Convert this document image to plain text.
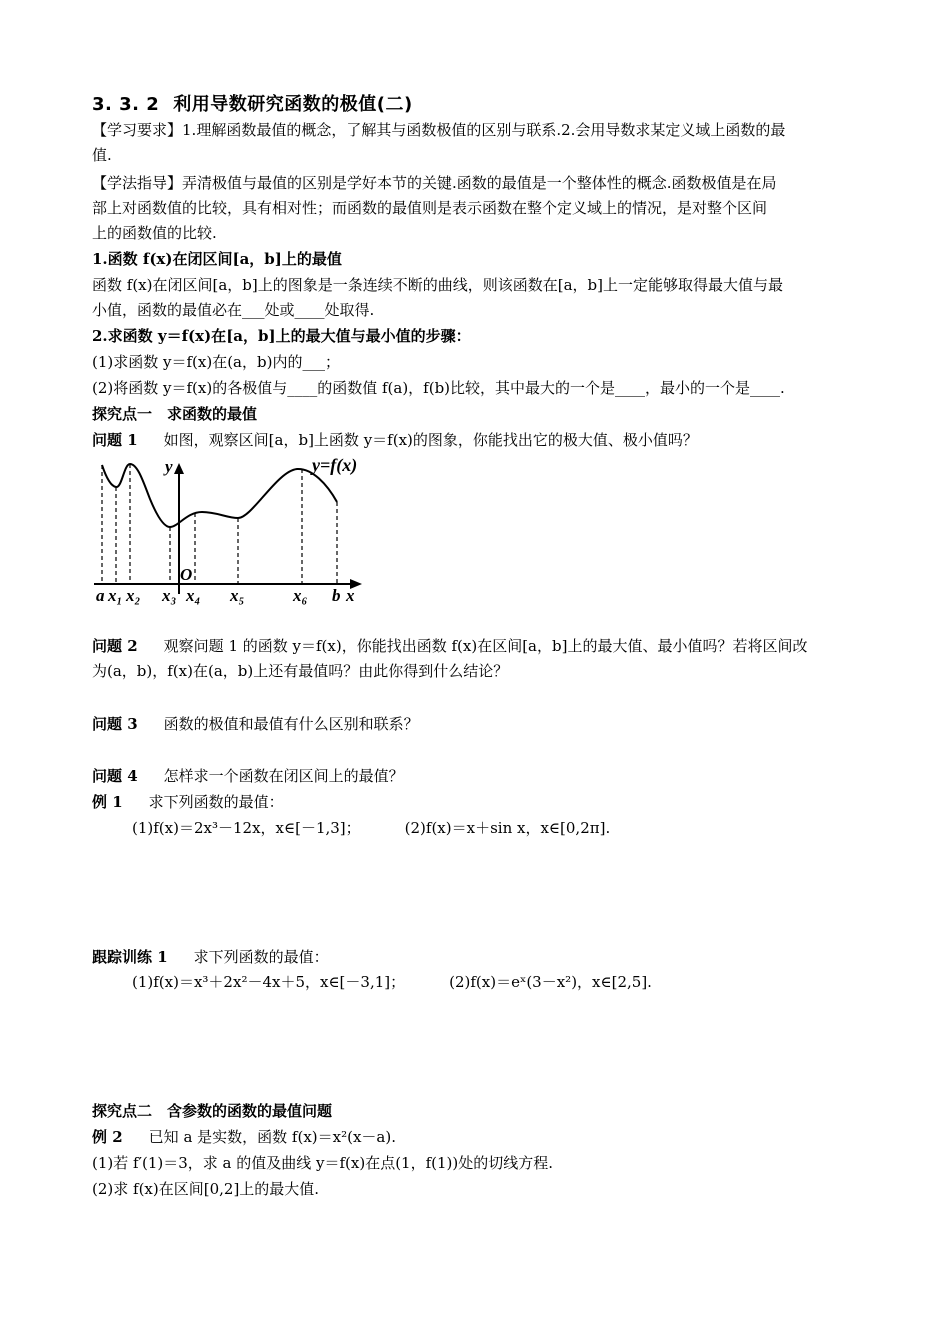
3. 3. 2 利用导数研究函数的极值(二)
【学习要求】1.理解函数最值的概念，了解其与函数极值的区别与联系.2.会用导数求某定义域上函数的最
值.
【学法指导】弄清极值与最值的区别是学好本节的关键.函数的最值是一个整体性的概念.函数极值是在局
部上对函数值的比较，具有相对性；而函数的最值则是表示函数在整个定义域上的情况，是对整个区间
上的函数值的比较.
1.函数 f(x)在闭区间[a，b]上的最值
函数 f(x)在闭区间[a，b]上的图象是一条连续不断的曲线，则该函数在[a，b]上一定能够取得最大值与最
小值，函数的最值必在___处或____处取得.
2.求函数 y＝f(x)在[a，b]上的最大值与最小值的步骤：
(1)求函数 y＝f(x)在(a，b)内的___；
(2)将函数 y＝f(x)的各极值与____的函数值 f(a)，f(b)比较，其中最大的一个是____，最小的一个是____.
探究点一　求函数的最值
问题 1 如图，观察区间[a，b]上函数 y＝f(x)的图象，你能找出它的极大值、极小值吗？
y=f(x)
y
O
x
a x₁ x₂ x₃ x₄ x₅	x₆ b
问题 2 观察问题 1 的函数 y＝f(x)，你能找出函数 f(x)在区间[a，b]上的最大值、最小值吗？若将区间改
为(a，b)，f(x)在(a，b)上还有最值吗？由此你得到什么结论？
问题 3 函数的极值和最值有什么区别和联系？
问题 4 怎样求一个函数在闭区间上的最值？
例 1 求下列函数的最值：
(1)f(x)＝2x³－12x，x∈[－1,3]；	(2)f(x)＝x＋sin x，x∈[0,2π].
跟踪训练 1 求下列函数的最值：
(1)f(x)＝x³＋2x²－4x＋5，x∈[－3,1]；	(2)f(x)＝eˣ(3－x²)，x∈[2,5].
探究点二　含参数的函数的最值问题
例 2 已知 a 是实数，函数 f(x)＝x²(x－a).
(1)若 f′(1)＝3，求 a 的值及曲线 y＝f(x)在点(1，f(1))处的切线方程.
(2)求 f(x)在区间[0,2]上的最大值.
